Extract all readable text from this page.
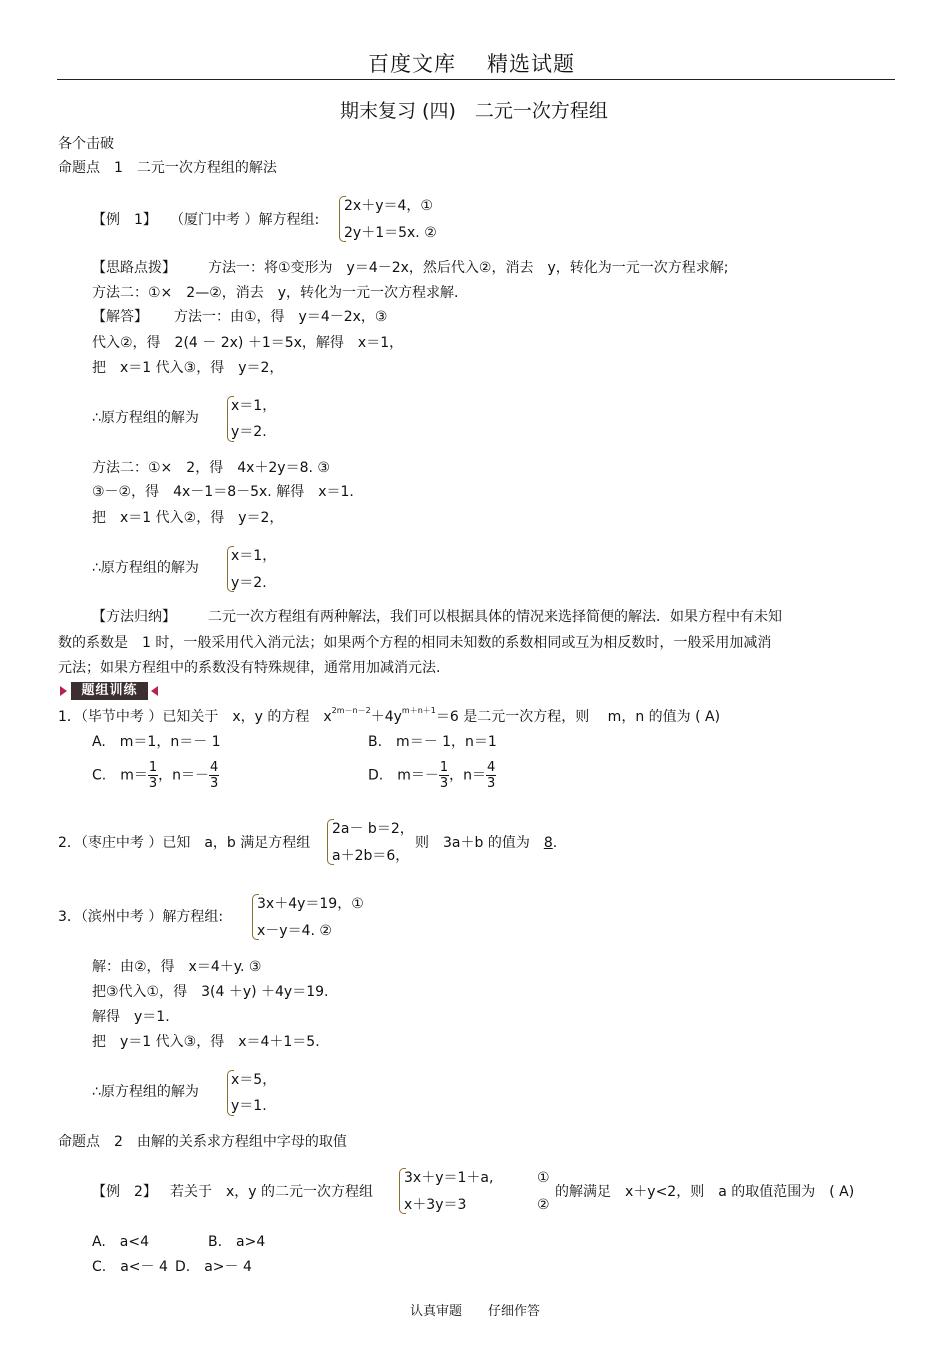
百度文库 精选试题
期末复习 (四)　二元一次方程组
各个击破
命题点　1　二元一次方程组的解法
【例　1】 （厦门中考 ）解方程组:
2x＋y＝4，①
2y＋1＝5x. ②
【思路点拨】 方法一：将①变形为　y＝4－2x，然后代入②，消去　y，转化为一元一次方程求解;
方法二：①×　2—②，消去　y，转化为一元一次方程求解.
【解答】 方法一：由①，得　y＝4－2x，③
代入②，得　2(4 － 2x) ＋1＝5x，解得　x＝1，
把　x＝1 代入③，得　y＝2，
∴原方程组的解为
x＝1，
y＝2.
方法二：①×　2，得　4x＋2y＝8. ③
③－②，得　4x－1＝8－5x. 解得　x＝1.
把　x＝1 代入②，得　y＝2，
∴原方程组的解为
x＝1，
y＝2.
【方法归纳】 二元一次方程组有两种解法，我们可以根据具体的情况来选择简便的解法．如果方程中有未知
数的系数是　1 时，一般采用代入消元法；如果两个方程的相同未知数的系数相同或互为相反数时，一般采用加减消
元法；如果方程组中的系数没有特殊规律，通常用加减消元法.
题组训练
1．（毕节中考 ）已知关于　x，y 的方程　$x^{2m-n-2}+4y^{m+n+1}=6$ 是二元一次方程，则　 m，n 的值为 ( A)
A.　m＝1，n＝－ 1	B.　m＝－ 1，n＝1
C.　$m= \frac{1}{3}$ ，$n=- \frac{4}{3}$	D.　$m=- \frac{1}{3}$ ，$n= \frac{4}{3}$
2．（枣庄中考 ）已知　a，b 满足方程组
2a－ b＝2，
a＋2b＝6，
则　3a＋b 的值为　 8.
3．（滨州中考 ）解方程组:
3x＋4y＝19，①
x－y＝4. ②
解：由②，得　x＝4＋y. ③
把③代入①，得　3(4 ＋y) ＋4y＝19.
解得　y＝1.
把　y＝1 代入③，得　x＝4＋1＝5.
∴原方程组的解为
x＝5，
y＝1.
命题点　2　由解的关系求方程组中字母的取值
【例　2】 若关于　x，y 的二元一次方程组
3x＋y＝1＋a,
x＋3y＝3
①
②
的解满足　x＋y<2，则　a 的取值范围为　( A)
A.　a<4	B.　a>4
C.　a<－ 4 D.　a>－ 4
认真审题　　仔细作答
